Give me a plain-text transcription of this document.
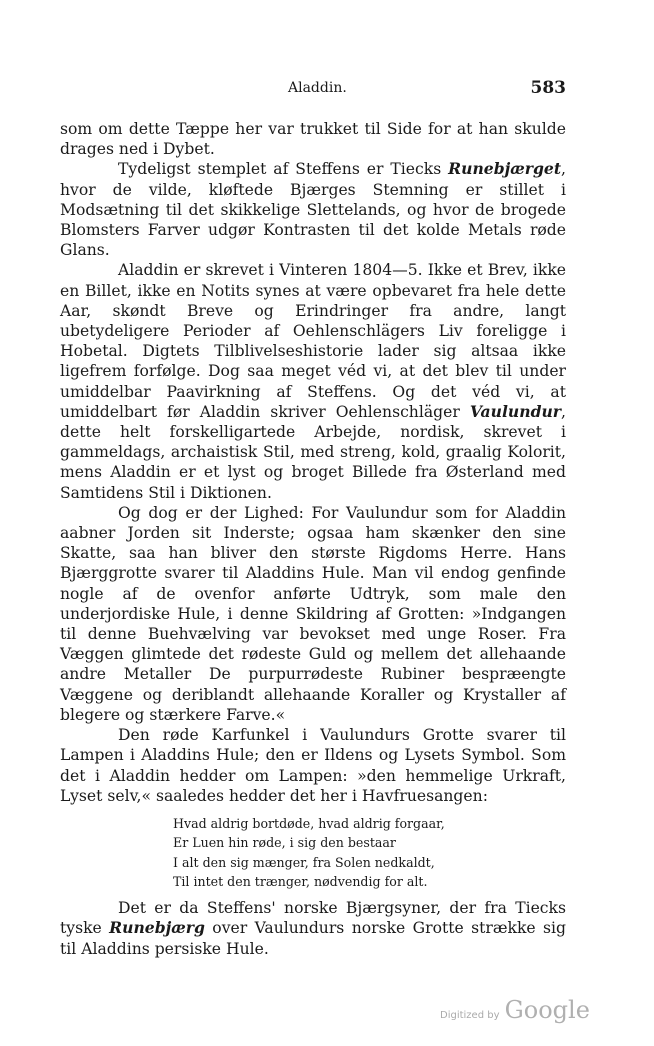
Aladdin.	583

som om dette Tæppe her var trukket til Side for at han skulde drages ned i Dybet.

Tydeligst stemplet af Steffens er Tiecks Runebjærget, hvor de vilde, kløftede Bjærges Stemning er stillet i Modsætning til det skikkelige Slettelands, og hvor de brogede Blomsters Farver udgør Kontrasten til det kolde Metals røde Glans.

Aladdin er skrevet i Vinteren 1804—5. Ikke et Brev, ikke en Billet, ikke en Notits synes at være opbevaret fra hele dette Aar, skøndt Breve og Erindringer fra andre, langt ubetydeligere Perioder af Oehlenschlägers Liv foreligge i Hobetal. Digtets Tilblivelseshistorie lader sig altsaa ikke ligefrem forfølge. Dog saa meget véd vi, at det blev til under umiddelbar Paavirkning af Steffens. Og det véd vi, at umiddelbart før Aladdin skriver Oehlenschläger Vaulundur, dette helt forskelligartede Arbejde, nordisk, skrevet i gammeldags, archaistisk Stil, med streng, kold, graalig Kolorit, mens Aladdin er et lyst og broget Billede fra Østerland med Samtidens Stil i Diktionen.

Og dog er der Lighed: For Vaulundur som for Aladdin aabner Jorden sit Inderste; ogsaa ham skænker den sine Skatte, saa han bliver den største Rigdoms Herre. Hans Bjærggrotte svarer til Aladdins Hule. Man vil endog genfinde nogle af de ovenfor anførte Udtryk, som male den underjordiske Hule, i denne Skildring af Grotten: »Indgangen til denne Buehvælving var bevokset med unge Roser. Fra Væggen glimtede det rødeste Guld og mellem det allehaande andre Metaller De purpurrødeste Rubiner bespræengte Væggene og deriblandt allehaande Koraller og Krystaller af blegere og stærkere Farve.«

Den røde Karfunkel i Vaulundurs Grotte svarer til Lampen i Aladdins Hule; den er Ildens og Lysets Symbol. Som det i Aladdin hedder om Lampen: »den hemmelige Urkraft, Lyset selv,« saaledes hedder det her i Havfruesangen:

Hvad aldrig bortdøde, hvad aldrig forgaar,
Er Luen hin røde, i sig den bestaar
I alt den sig mænger, fra Solen nedkaldt,
Til intet den trænger, nødvendig for alt.

Det er da Steffens' norske Bjærgsyner, der fra Tiecks tyske Runebjærg over Vaulundurs norske Grotte strække sig til Aladdins persiske Hule.

Digitized by Google
